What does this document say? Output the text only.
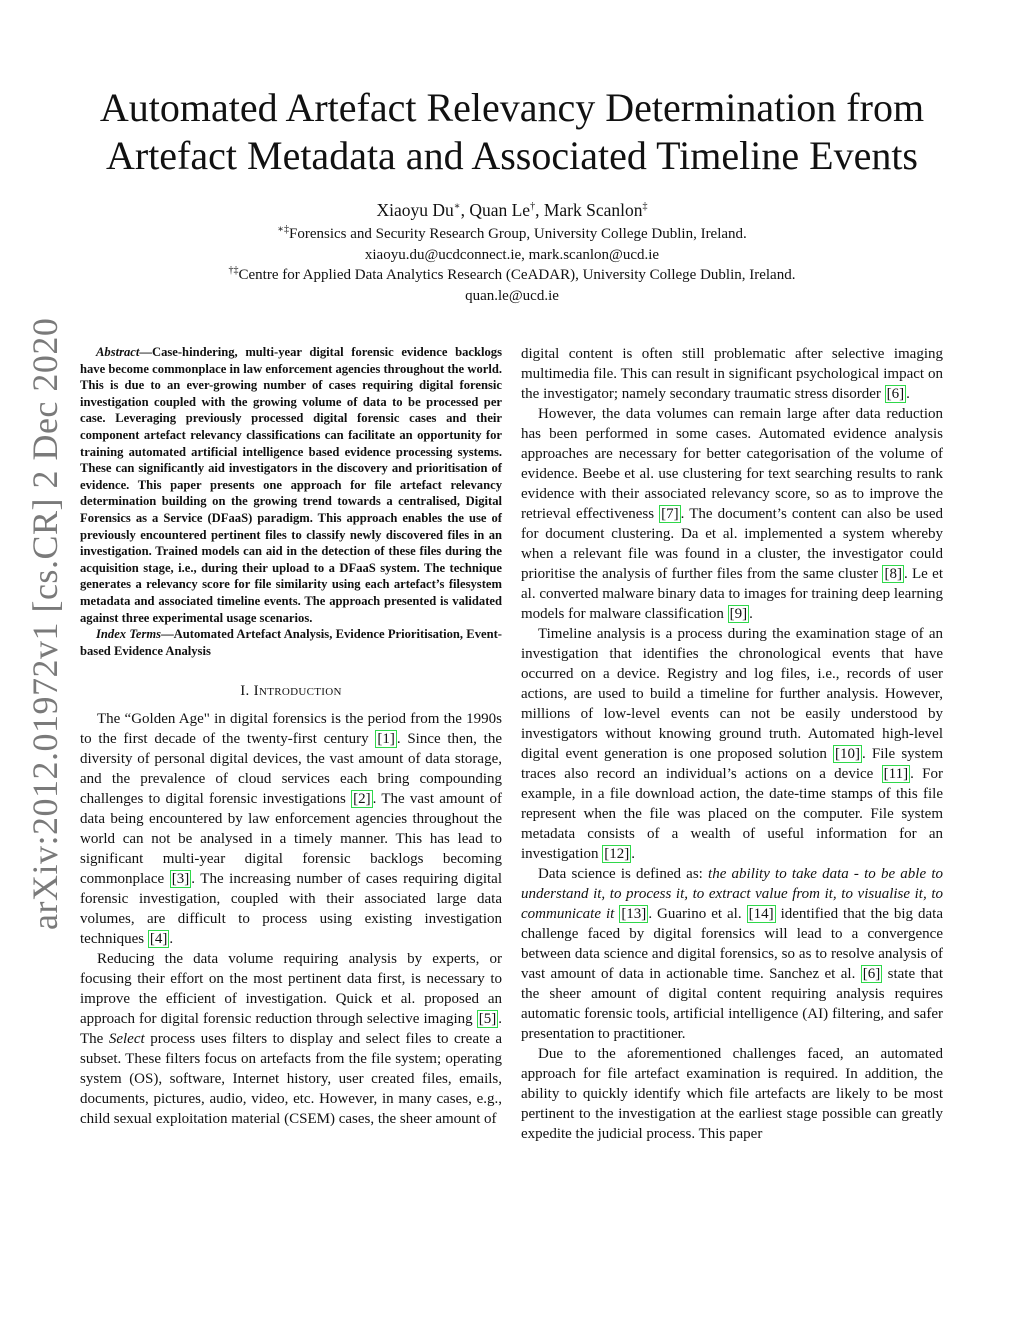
arXiv:2012.01972v1 [cs.CR] 2 Dec 2020
Automated Artefact Relevancy Determination from Artefact Metadata and Associated Timeline Events
Xiaoyu Du∗, Quan Le†, Mark Scanlon‡
∗‡Forensics and Security Research Group, University College Dublin, Ireland.
xiaoyu.du@ucdconnect.ie, mark.scanlon@ucd.ie
†‡Centre for Applied Data Analytics Research (CeADAR), University College Dublin, Ireland.
quan.le@ucd.ie

Abstract—Case-hindering, multi-year digital forensic evidence backlogs have become commonplace in law enforcement agencies throughout the world. This is due to an ever-growing number of cases requiring digital forensic investigation coupled with the growing volume of data to be processed per case. Leveraging previously processed digital forensic cases and their component artefact relevancy classifications can facilitate an opportunity for training automated artificial intelligence based evidence processing systems. These can significantly aid investigators in the discovery and prioritisation of evidence. This paper presents one approach for file artefact relevancy determination building on the growing trend towards a centralised, Digital Forensics as a Service (DFaaS) paradigm. This approach enables the use of previously encountered pertinent files to classify newly discovered files in an investigation. Trained models can aid in the detection of these files during the acquisition stage, i.e., during their upload to a DFaaS system. The technique generates a relevancy score for file similarity using each artefact’s filesystem metadata and associated timeline events. The approach presented is validated against three experimental usage scenarios.

Index Terms—Automated Artefact Analysis, Evidence Prioritisation, Event-based Evidence Analysis

I. Introduction

The “Golden Age" in digital forensics is the period from the 1990s to the first decade of the twenty-first century [1] . Since then, the diversity of personal digital devices, the vast amount of data storage, and the prevalence of cloud services each bring compounding challenges to digital forensic investigations [2] . The vast amount of data being encountered by law enforcement agencies throughout the world can not be analysed in a timely manner. This has lead to significant multi-year digital forensic backlogs becoming commonplace [3] . The increasing number of cases requiring digital forensic investigation, coupled with their associated large data volumes, are difficult to process using existing investigation techniques [4] .

Reducing the data volume requiring analysis by experts, or focusing their effort on the most pertinent data first, is necessary to improve the efficient of investigation. Quick et al. proposed an approach for digital forensic reduction through selective imaging [5] . The Select process uses filters to display and select files to create a subset. These filters focus on artefacts from the file system; operating system (OS), software, Internet history, user created files, emails, documents, pictures, audio, video, etc. However, in many cases, e.g., child sexual exploitation material (CSEM) cases, the sheer amount of

digital content is often still problematic after selective imaging multimedia file. This can result in significant psychological impact on the investigator; namely secondary traumatic stress disorder [6] .

However, the data volumes can remain large after data reduction has been performed in some cases. Automated evidence analysis approaches are necessary for better categorisation of the volume of evidence. Beebe et al. use clustering for text searching results to rank evidence with their associated relevancy score, so as to improve the retrieval effectiveness [7] . The document’s content can also be used for document clustering. Da et al. implemented a system whereby when a relevant file was found in a cluster, the investigator could prioritise the analysis of further files from the same cluster [8] . Le et al. converted malware binary data to images for training deep learning models for malware classification [9] .

Timeline analysis is a process during the examination stage of an investigation that identifies the chronological events that have occurred on a device. Registry and log files, i.e., records of user actions, are used to build a timeline for further analysis. However, millions of low-level events can not be easily understood by investigators without knowing ground truth. Automated high-level digital event generation is one proposed solution [10] . File system traces also record an individual’s actions on a device [11] . For example, in a file download action, the date-time stamps of this file represent when the file was placed on the computer. File system metadata consists of a wealth of useful information for an investigation [12] .

Data science is defined as: the ability to take data - to be able to understand it, to process it, to extract value from it, to visualise it, to communicate it [13] . Guarino et al. [14] identified that the big data challenge faced by digital forensics will lead to a convergence between data science and digital forensics, so as to resolve analysis of vast amount of data in actionable time. Sanchez et al. [6] state that the sheer amount of digital content requiring analysis requires automatic forensic tools, artificial intelligence (AI) filtering, and safer presentation to practitioner.

Due to the aforementioned challenges faced, an automated approach for file artefact examination is required. In addition, the ability to quickly identify which file artefacts are likely to be most pertinent to the investigation at the earliest stage possible can greatly expedite the judicial process. This paper
